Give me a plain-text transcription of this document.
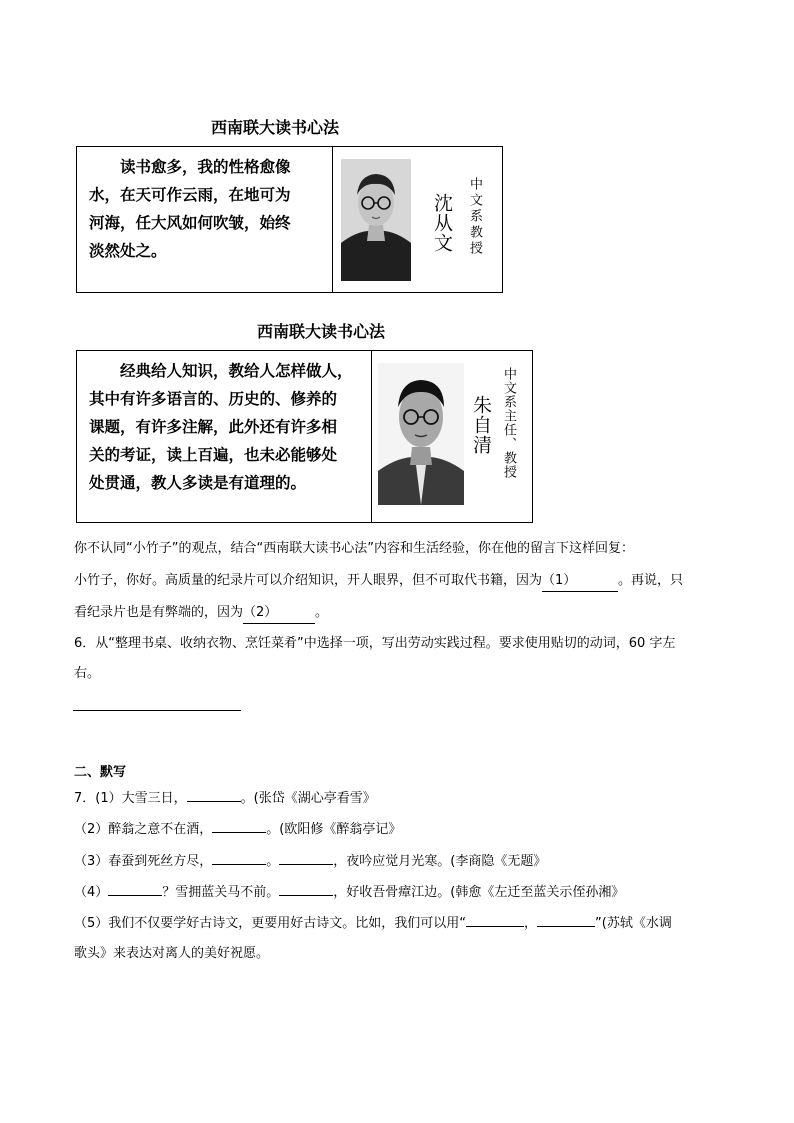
西南联大读书心法
读书愈多，我的性格愈像
水，在天可作云雨，在地可为
河海，任大风如何吹皱，始终
淡然处之。	沈从文 中文系教授
西南联大读书心法
经典给人知识，教给人怎样做人，
其中有许多语言的、历史的、修养的
课题，有许多注解，此外还有许多相
关的考证，读上百遍，也未必能够处
处贯通，教人多读是有道理的。
朱自清 中文系主任、教授
你不认同“小竹子”的观点，结合“西南联大读书心法”内容和生活经验，你在他的留言下这样回复：
小竹子，你好。高质量的纪录片可以介绍知识，开人眼界，但不可取代书籍，因为（1）	。再说，只
看纪录片也是有弊端的，因为（2）	。
6．从“整理书桌、收纳衣物、烹饪菜肴”中选择一项，写出劳动实践过程。要求使用贴切的动词，60 字左
右。
二、默写
7．(1）大雪三日，	。(张岱《湖心亭看雪》
（2）醉翁之意不在酒，	。(欧阳修《醉翁亭记》
（3）春蚕到死丝方尽，	。	，夜吟应觉月光寒。(李商隐《无题》
（4）	？雪拥蓝关马不前。	，好收吾骨瘴江边。(韩愈《左迁至蓝关示侄孙湘》
（5）我们不仅要学好古诗文，更要用好古诗文。比如，我们可以用“	，	”(苏轼《水调
歌头》来表达对离人的美好祝愿。
